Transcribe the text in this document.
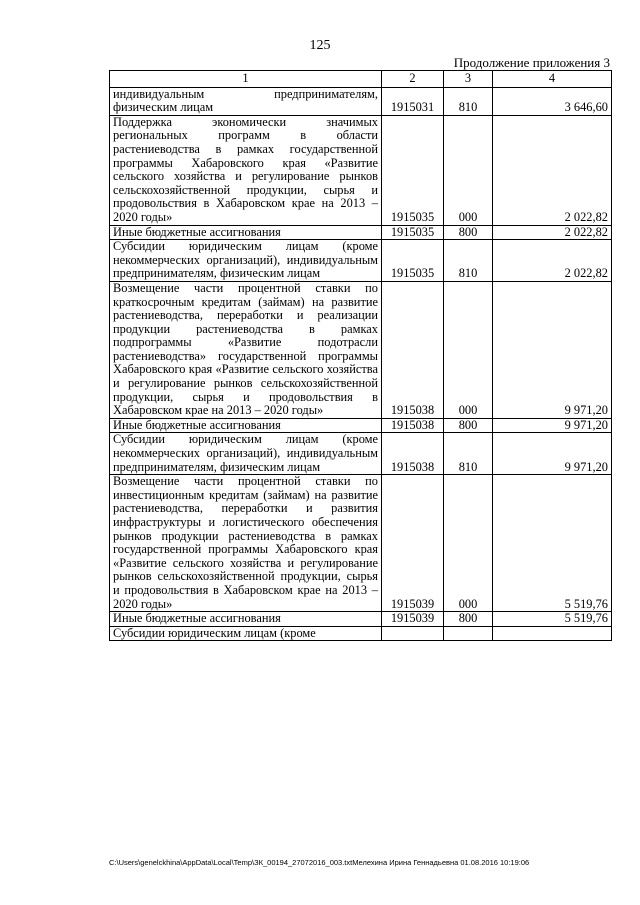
125
Продолжение приложения 3
1	2	3	4
индивидуальным предпринимателям, физическим лицам	1915031	810	3 646,60
Поддержка экономически значимых региональных программ в области растениеводства в рамках государственной программы Хабаровского края «Развитие сельского хозяйства и регулирование рынков сельскохозяйственной продукции, сырья и продовольствия в Хабаровском крае на 2013 – 2020 годы»	1915035	000	2 022,82
Иные бюджетные ассигнования	1915035	800	2 022,82
Субсидии юридическим лицам (кроме некоммерческих организаций), индивидуальным предпринимателям, физическим лицам	1915035	810	2 022,82
Возмещение части процентной ставки по краткосрочным кредитам (займам) на развитие растениеводства, переработки и реализации продукции растениеводства в рамках подпрограммы «Развитие подотрасли растениеводства» государственной программы Хабаровского края «Развитие сельского хозяйства и регулирование рынков сельскохозяйственной продукции, сырья и продовольствия в Хабаровском крае на 2013 – 2020 годы»	1915038	000	9 971,20
Иные бюджетные ассигнования	1915038	800	9 971,20
Субсидии юридическим лицам (кроме некоммерческих организаций), индивидуальным предпринимателям, физическим лицам	1915038	810	9 971,20
Возмещение части процентной ставки по инвестиционным кредитам (займам) на развитие растениеводства, переработки и развития инфраструктуры и логистического обеспечения рынков продукции растениеводства в рамках государственной программы Хабаровского края «Развитие сельского хозяйства и регулирование рынков сельскохозяйственной продукции, сырья и продовольствия в Хабаровском крае на 2013 – 2020 годы»	1915039	000	5 519,76
Иные бюджетные ассигнования	1915039	800	5 519,76
Субсидии юридическим лицам (кроме			
C:\Users\genelckhina\AppData\Local\Temp\ЗК_00194_27072016_003.txtМелехина Ирина Геннадьевна 01.08.2016 10:19:06
